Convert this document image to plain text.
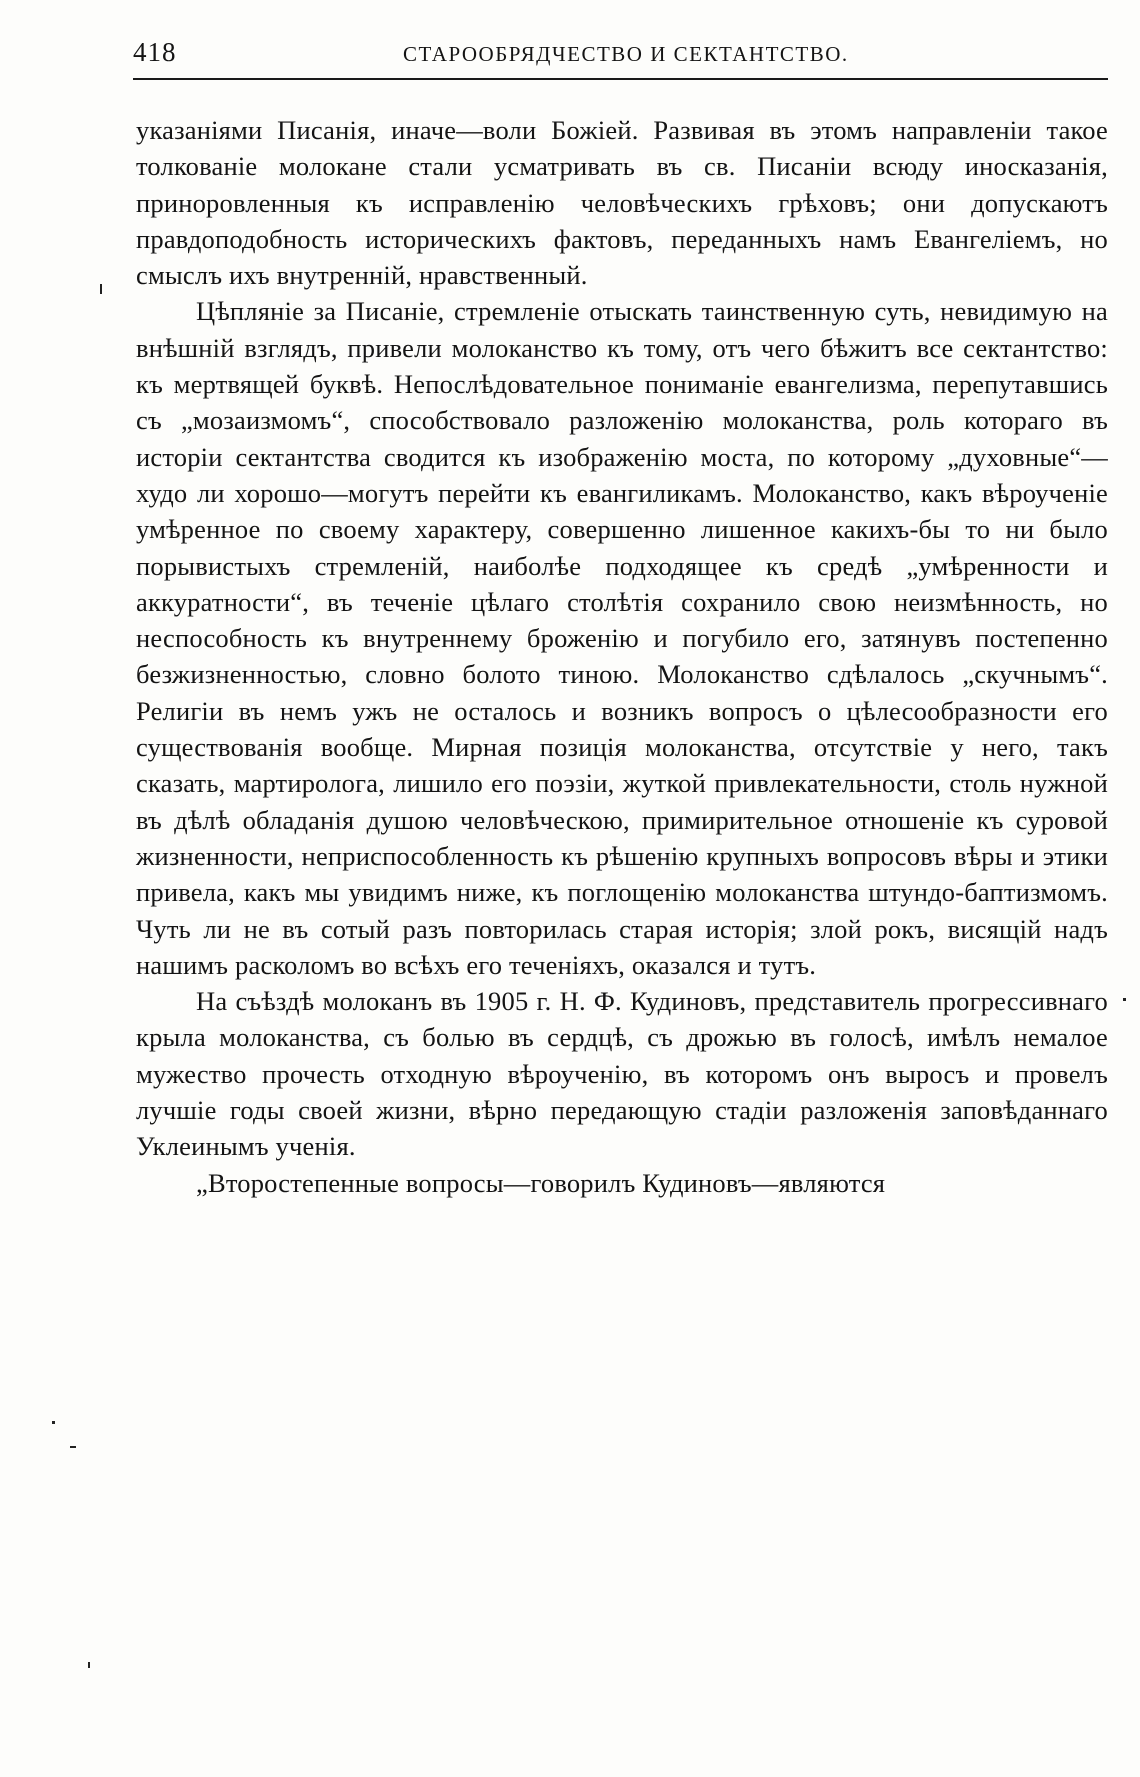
418	СТАРООБРЯДЧЕСТВО И СЕКТАНТСТВО.

указаніями Писанія, иначе—воли Божіей. Развивая въ этомъ направленіи такое толкованіе молокане стали усматривать въ св. Писаніи всюду иносказанія, приноровленныя къ исправленію человѣческихъ грѣховъ; они допускаютъ правдоподобность историческихъ фактовъ, переданныхъ намъ Евангеліемъ, но смыслъ ихъ внутренній, нравственный.

Цѣпляніе за Писаніе, стремленіе отыскать таинственную суть, невидимую на внѣшній взглядъ, привели молоканство къ тому, отъ чего бѣжитъ все сектантство: къ мертвящей буквѣ. Непослѣдовательное пониманіе евангелизма, перепутавшись съ „мозаизмомъ“, способствовало разложенію молоканства, роль котораго въ исторіи сектантства сводится къ изображенію моста, по которому „духовные“—худо ли хорошо—могутъ перейти къ евангиликамъ. Молоканство, какъ вѣроученіе умѣренное по своему характеру, совершенно лишенное какихъ-бы то ни было порывистыхъ стремленій, наиболѣе подходящее къ средѣ „умѣренности и аккуратности“, въ теченіе цѣлаго столѣтія сохранило свою неизмѣнность, но неспособность къ внутреннему броженію и погубило его, затянувъ постепенно безжизненностью, словно болото тиною. Молоканство сдѣлалось „скучнымъ“. Религіи въ немъ ужъ не осталось и возникъ вопросъ о цѣлесообразности его существованія вообще. Мирная позиція молоканства, отсутствіе у него, такъ сказать, мартиролога, лишило его поэзіи, жуткой привлекательности, столь нужной въ дѣлѣ обладанія душою человѣческою, примирительное отношеніе къ суровой жизненности, неприспособленность къ рѣшенію крупныхъ вопросовъ вѣры и этики привела, какъ мы увидимъ ниже, къ поглощенію молоканства штундо-баптизмомъ. Чуть ли не въ сотый разъ повторилась старая исторія; злой рокъ, висящій надъ нашимъ расколомъ во всѣхъ его теченіяхъ, оказался и тутъ.

На съѣздѣ молоканъ въ 1905 г. Н. Ф. Кудиновъ, представитель прогрессивнаго крыла молоканства, съ болью въ сердцѣ, съ дрожью въ голосѣ, имѣлъ немалое мужество прочесть отходную вѣроученію, въ которомъ онъ выросъ и провелъ лучшіе годы своей жизни, вѣрно передающую стадіи разложенія заповѣданнаго Уклеинымъ ученія.

„Второстепенные вопросы—говорилъ Кудиновъ—являются
